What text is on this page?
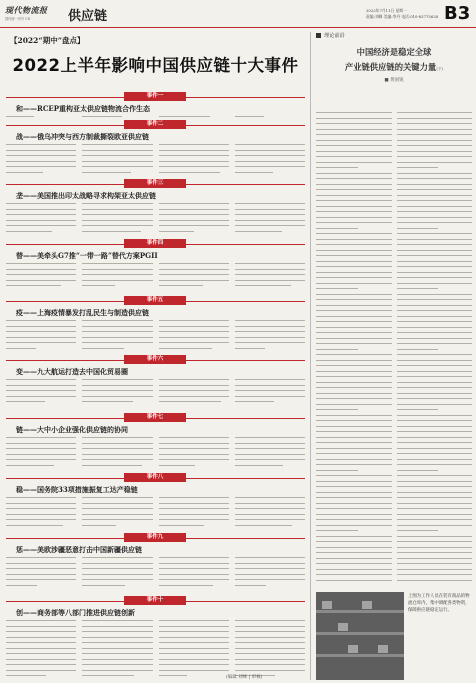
现代物流报
国内统一刊号 CN	供应链	2022年7月11日 星期一
责编:刘峰 美编:李丹 电话:010-83775628 B3
【2022“期中”盘点】
2022上半年影响中国供应链十大事件
事件一
和——RCEP重构亚太供应链物流合作生态
事件二
战——俄乌冲突与西方制裁撕裂欧亚供应链
事件三
垄——美国推出印太战略寻求构架亚太供应链
事件四
替——美牵头G7推“一带一路”替代方案PGII
事件五
疫——上海疫情暴发打乱民生与制造供应链
事件六
变——九大航运打造去中国化贸易圈
事件七
链——大中小企业强化供应链的协同
事件八
稳——国务院33项措施振复工达产稳链
事件九
惩——美欧涉疆恶意打击中国新疆供应链
事件十
创——商务部等八部门推进供应链创新
理论前沿
中国经济是稳定全球
产业链供应链的关键力量(下)
■ 黄国锐
上图为工作人员在装有商品的物流仓库内，集中调配各类物资，保障供应链稳定运行。
(编辑 刘峰 | 审核)
